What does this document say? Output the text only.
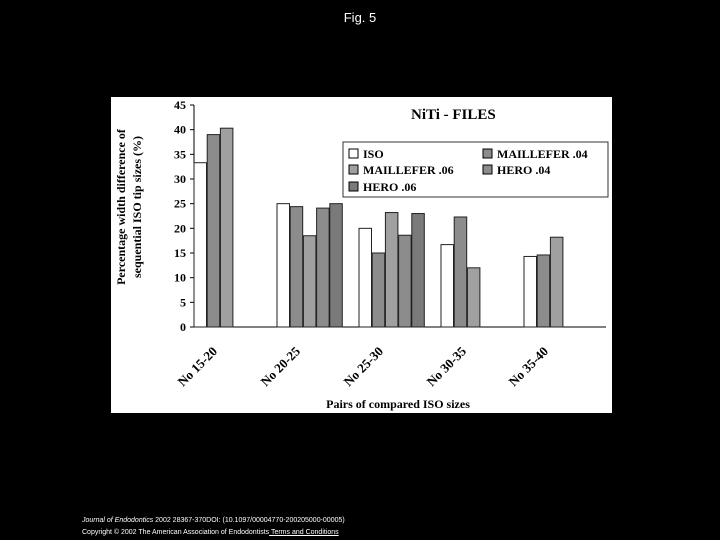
Fig. 5
Percentage width difference of sequential ISO tip sizes (%)
0
5
10
15
20
25
30
35
40
45
No 15-20	No 20-25	No 25-30	No 30-35	No 35-40
NiTi - FILES
Pairs of compared ISO sizes
ISO	MAILLEFER .04
MAILLEFER .06	HERO .04
HERO .06
Journal of Endodontics 2002 28367-370DOI: (10.1097/00004770-200205000-00005)
Copyright © 2002 The American Association of Endodontists Terms and Conditions
